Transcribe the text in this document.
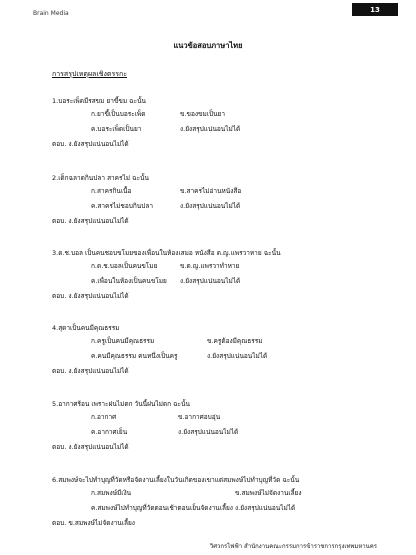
Brain Media	13
แนวข้อสอบภาษาไทย
การสรุปเหตุผลเชิงตรรกะ
1.บอระเพ็ดมีรสขม ยาขี้ขม ฉะนั้น
ก.ยาขี้เป็นบอระเพ็ด	ข.ของขมเป็นยา
ค.บอระเพ็ดเป็นยา	ง.ยังสรุปแน่นอนไม่ได้
ตอบ. ง.ยังสรุปแน่นอนไม่ได้
2.เด็กฉลาดกินปลา สาครไม่ ฉะนั้น
ก.สาครกินเนื้อ	ข.สาครไม่อ่านหนังสือ
ค.สาครไม่ชอบกินปลา	ง.ยังสรุปแน่นอนไม่ได้
ตอบ. ง.ยังสรุปแน่นอนไม่ได้
3.ด.ช.บอล เป็นคนชอบขโมยของเพื่อนในห้องเสมอ หนังสือ ด.ญ.แพรวาหาย ฉะนั้น
ก.ด.ช.บอลเป็นคนขโมย	ข.ด.ญ.แพรวาทำหาย
ค.เพื่อนในห้องเป็นคนขโมย ง.ยังสรุปแน่นอนไม่ได้
ตอบ. ง.ยังสรุปแน่นอนไม่ได้
4.สุดาเป็นคนมีคุณธรรม
ก.ครูเป็นคนมีคุณธรรม	ข.ครูต้องมีคุณธรรม
ค.คนมีคุณธรรม คนหนึ่งเป็นครู	ง.ยังสรุปแน่นอนไม่ได้
ตอบ. ง.ยังสรุปแน่นอนไม่ได้
5.อากาศร้อน เพราะฝนไม่ตก วันนี้ฝนไม่ตก ฉะนั้น
ก.อากาศ	ข.อากาศอบอุ่น
ค.อากาศเย็น	ง.ยังสรุปแน่นอนไม่ได้
ตอบ. ง.ยังสรุปแน่นอนไม่ได้
6.สมพงษ์จะไปทำบุญที่วัดหรือจัดงานเลี้ยงในวันเกิดของเขาแต่สมพงษ์ไปทำบุญที่วัด ฉะนั้น
ก.สมพงษ์มีเงิน	ข.สมพงษ์ไม่จัดงานเลี้ยง
ค.สมพงษ์ไปทำบุญที่วัดตอนเช้าตอนเย็นจัดงานเลี้ยง ง.ยังสรุปแน่นอนไม่ได้
ตอบ. ข.สมพงษ์ไม่จัดงานเลี้ยง
วิศวกรไฟฟ้า สำนักงานคณะกรรมการข้าราชการกรุงเทพมหานคร
